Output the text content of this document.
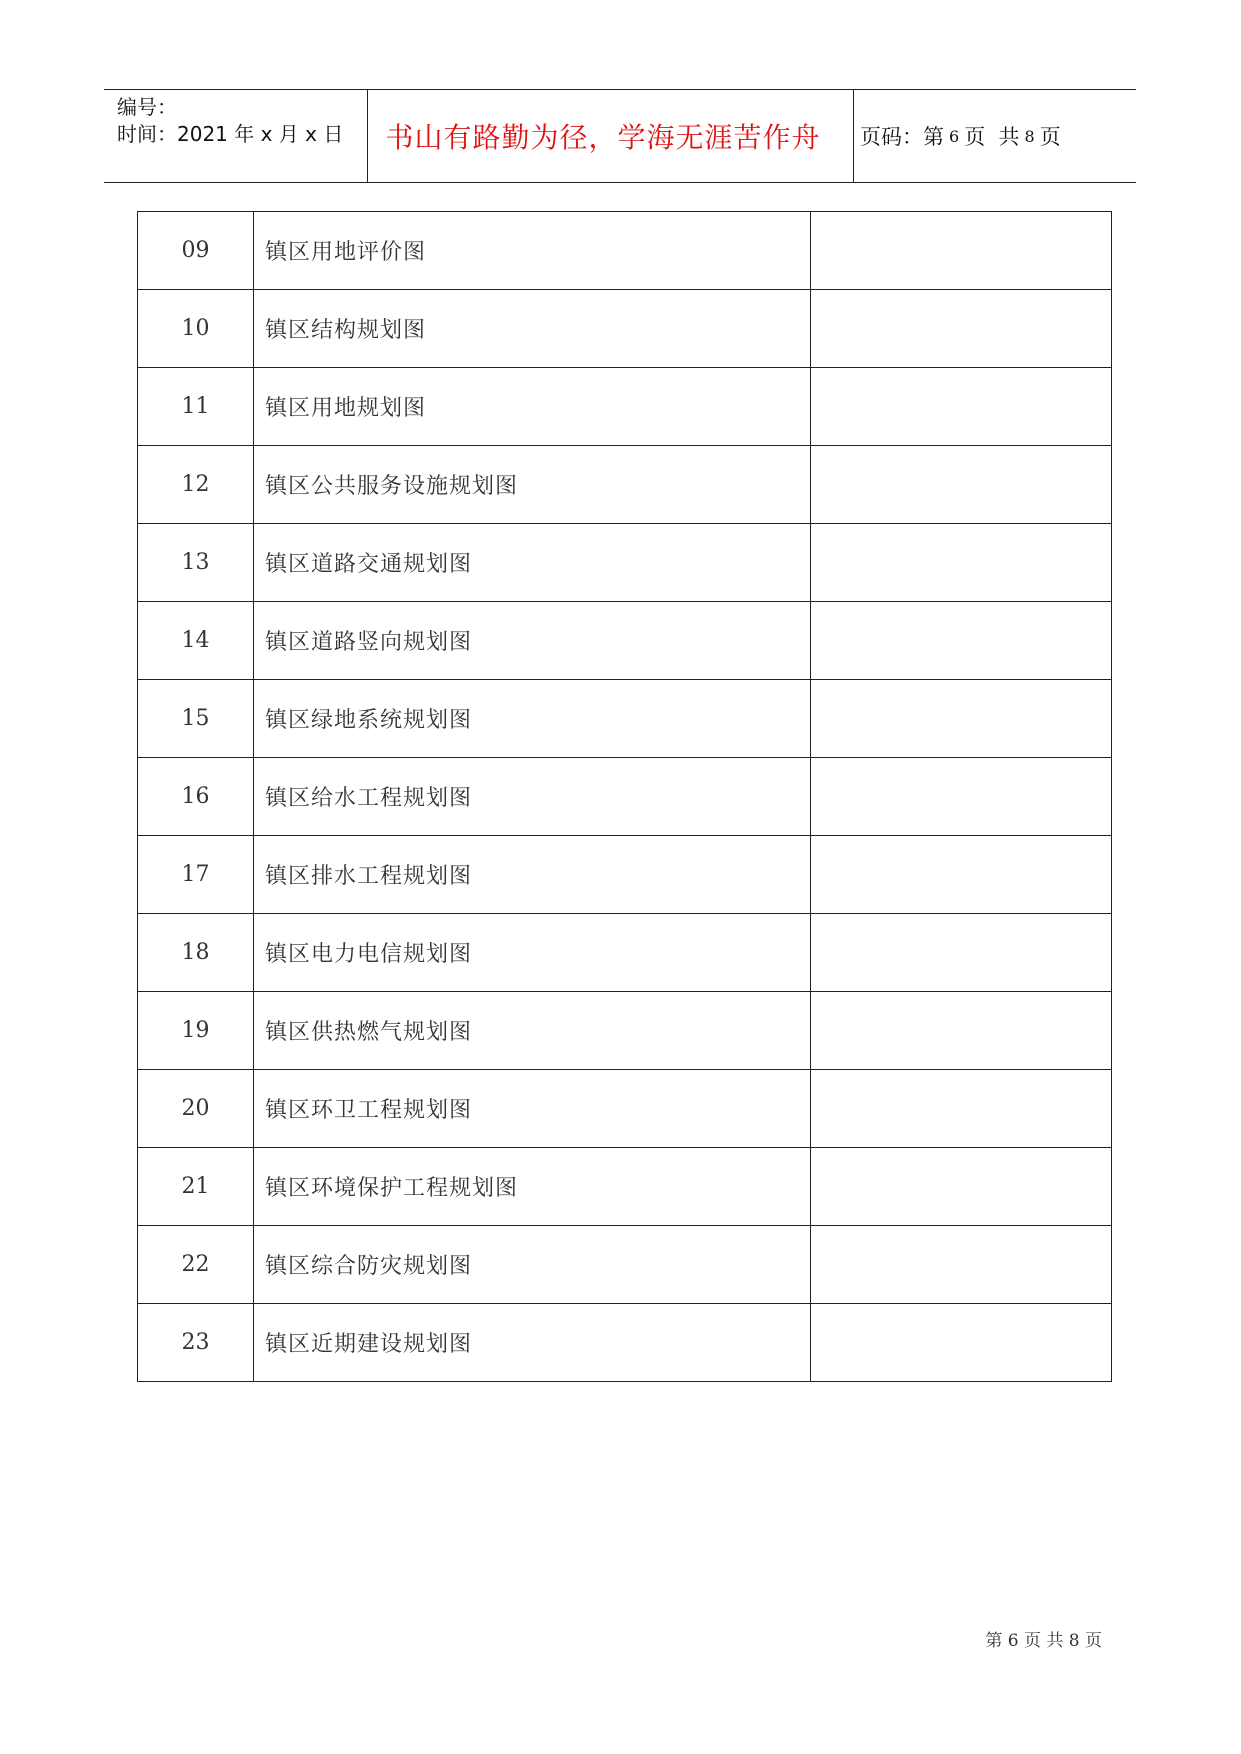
编号：
时间：2021 年 x 月 x 日	书山有路勤为径，学海无涯苦作舟	页码：第 6 页  共 8 页
09	镇区用地评价图	
10	镇区结构规划图	
11	镇区用地规划图	
12	镇区公共服务设施规划图	
13	镇区道路交通规划图	
14	镇区道路竖向规划图	
15	镇区绿地系统规划图	
16	镇区给水工程规划图	
17	镇区排水工程规划图	
18	镇区电力电信规划图	
19	镇区供热燃气规划图	
20	镇区环卫工程规划图	
21	镇区环境保护工程规划图	
22	镇区综合防灾规划图	
23	镇区近期建设规划图	
第 6 页 共 8 页
